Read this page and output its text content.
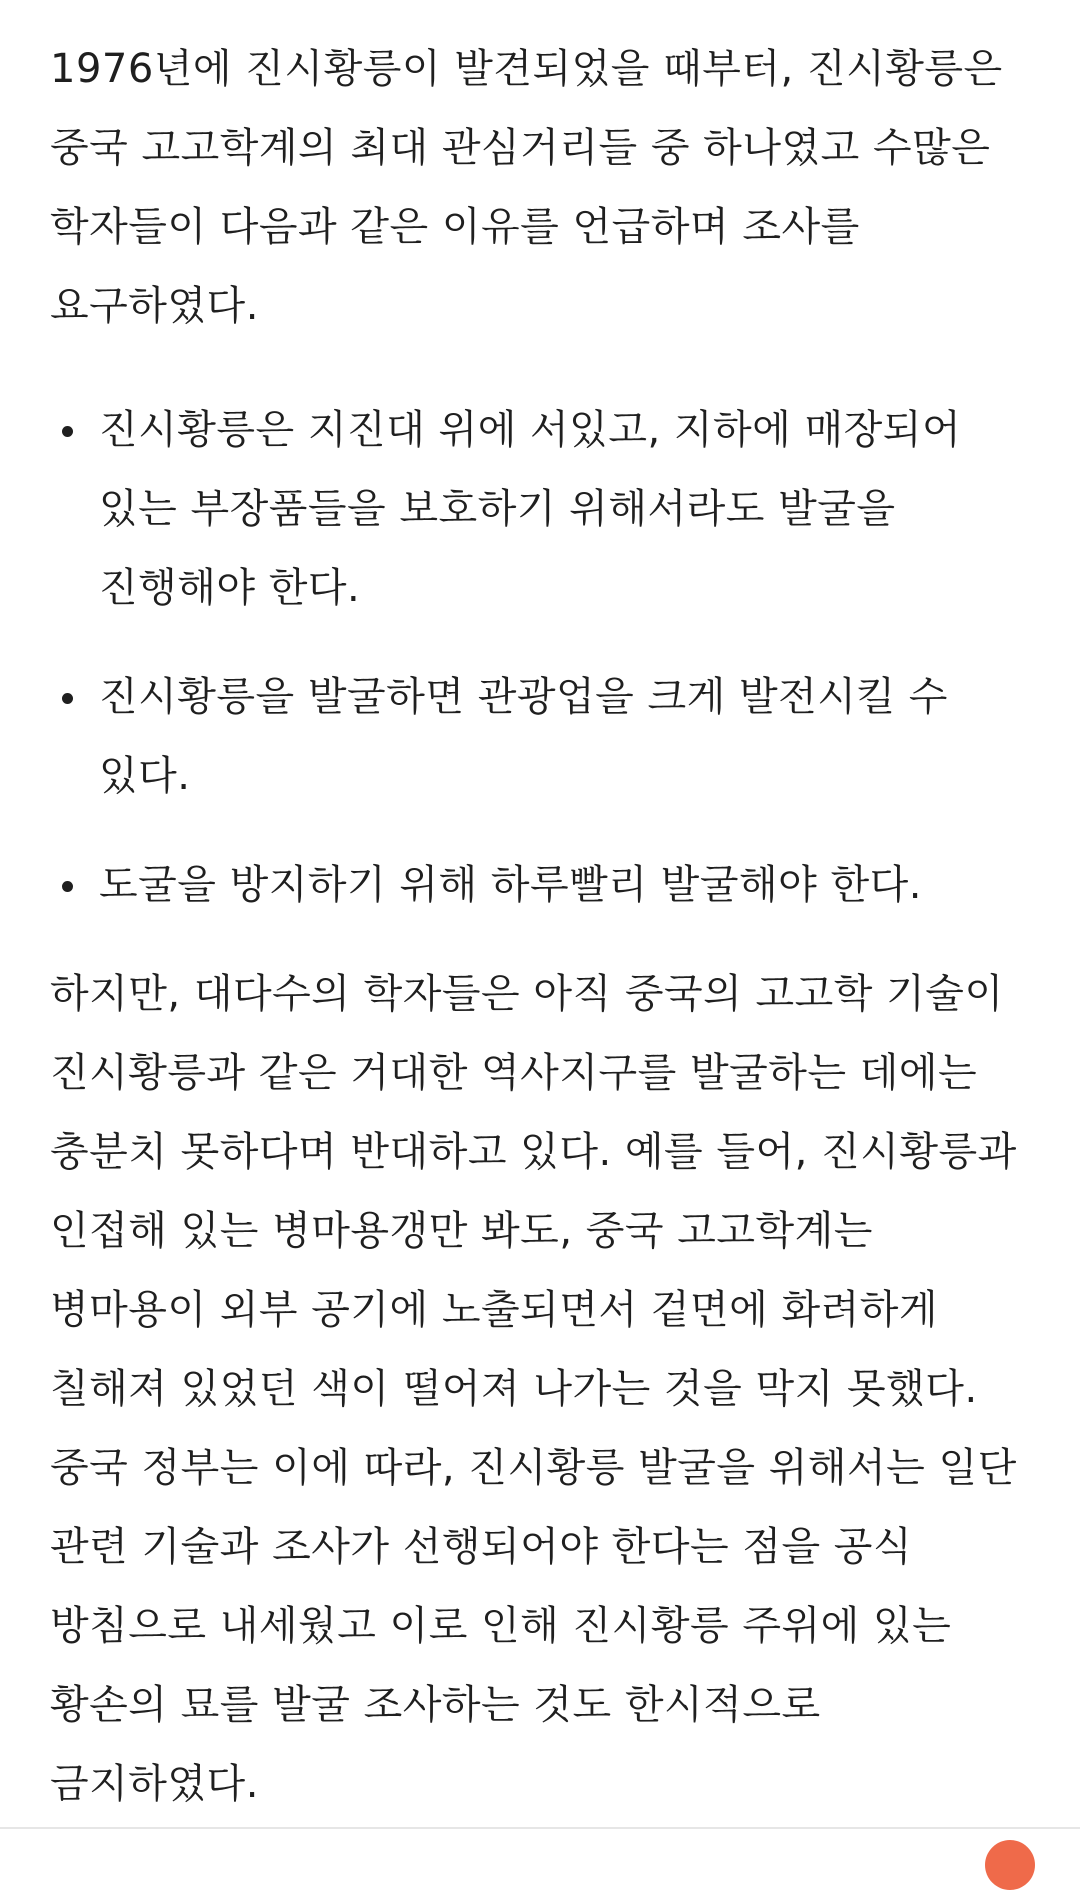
1976년에 진시황릉이 발견되었을 때부터, 진시황릉은 중국 고고학계의 최대 관심거리들 중 하나였고 수많은 학자들이 다음과 같은 이유를 언급하며 조사를 요구하였다.

진시황릉은 지진대 위에 서있고, 지하에 매장되어 있는 부장품들을 보호하기 위해서라도 발굴을 진행해야 한다.
진시황릉을 발굴하면 관광업을 크게 발전시킬 수 있다.
도굴을 방지하기 위해 하루빨리 발굴해야 한다.

하지만, 대다수의 학자들은 아직 중국의 고고학 기술이 진시황릉과 같은 거대한 역사지구를 발굴하는 데에는 충분치 못하다며 반대하고 있다. 예를 들어, 진시황릉과 인접해 있는 병마용갱만 봐도, 중국 고고학계는 병마용이 외부 공기에 노출되면서 겉면에 화려하게 칠해져 있었던 색이 떨어져 나가는 것을 막지 못했다. 중국 정부는 이에 따라, 진시황릉 발굴을 위해서는 일단 관련 기술과 조사가 선행되어야 한다는 점을 공식 방침으로 내세웠고 이로 인해 진시황릉 주위에 있는 황손의 묘를 발굴 조사하는 것도 한시적으로 금지하였다.
